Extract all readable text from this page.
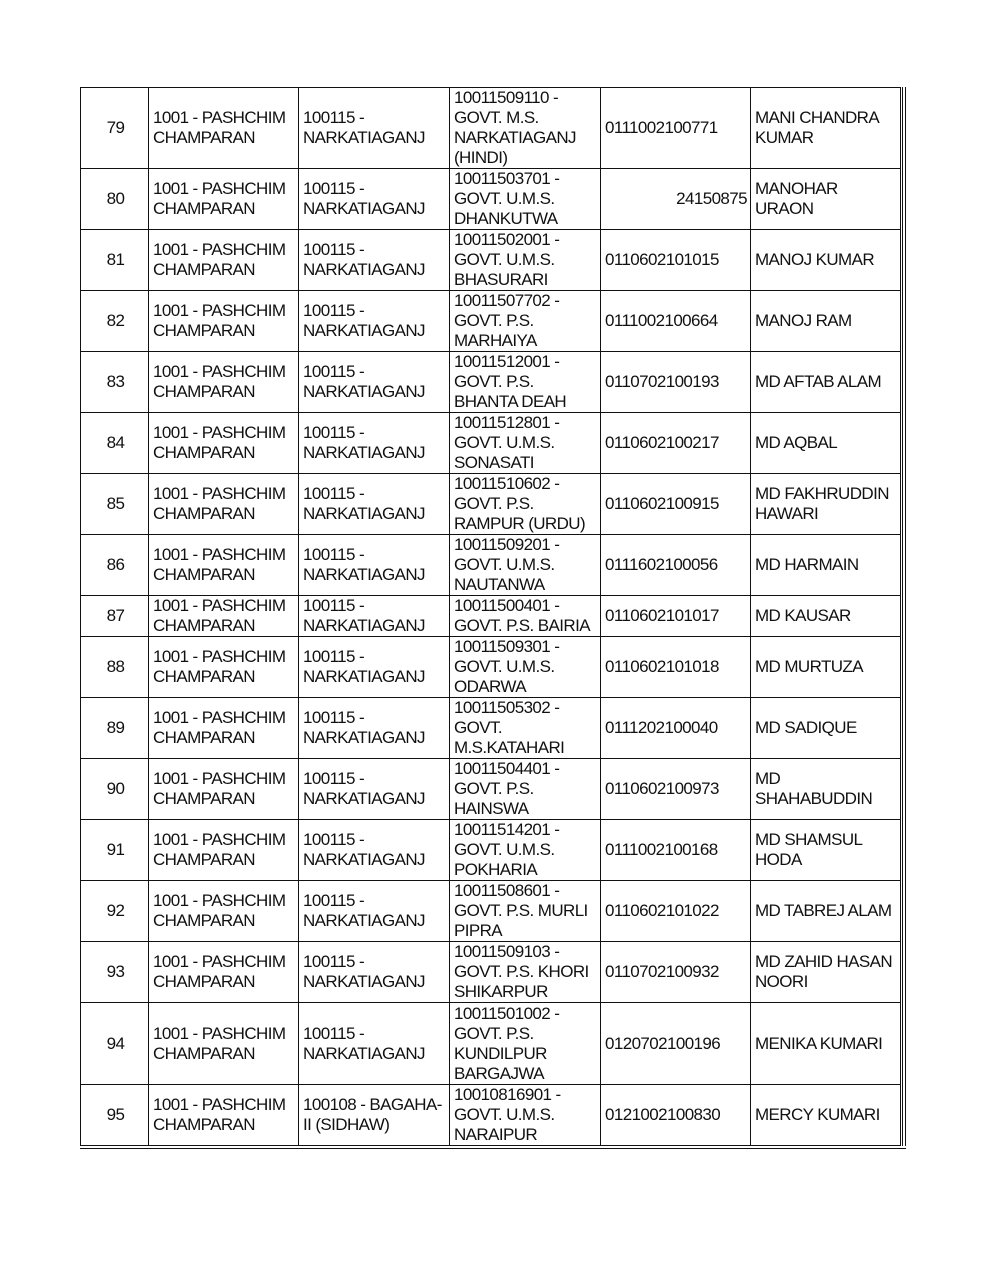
79	1001 - PASHCHIM CHAMPARAN	100115 - NARKATIAGANJ	10011509110 - GOVT. M.S. NARKATIAGANJ (HINDI)	0111002100771	MANI CHANDRA KUMAR
80	1001 - PASHCHIM CHAMPARAN	100115 - NARKATIAGANJ	10011503701 - GOVT. U.M.S. DHANKUTWA	24150875	MANOHAR URAON
81	1001 - PASHCHIM CHAMPARAN	100115 - NARKATIAGANJ	10011502001 - GOVT. U.M.S. BHASURARI	0110602101015	MANOJ KUMAR
82	1001 - PASHCHIM CHAMPARAN	100115 - NARKATIAGANJ	10011507702 - GOVT. P.S. MARHAIYA	0111002100664	MANOJ RAM
83	1001 - PASHCHIM CHAMPARAN	100115 - NARKATIAGANJ	10011512001 - GOVT. P.S. BHANTA DEAH	0110702100193	MD AFTAB ALAM
84	1001 - PASHCHIM CHAMPARAN	100115 - NARKATIAGANJ	10011512801 - GOVT. U.M.S. SONASATI	0110602100217	MD AQBAL
85	1001 - PASHCHIM CHAMPARAN	100115 - NARKATIAGANJ	10011510602 - GOVT. P.S. RAMPUR (URDU)	0110602100915	MD FAKHRUDDIN HAWARI
86	1001 - PASHCHIM CHAMPARAN	100115 - NARKATIAGANJ	10011509201 - GOVT. U.M.S. NAUTANWA	0111602100056	MD HARMAIN
87	1001 - PASHCHIM CHAMPARAN	100115 - NARKATIAGANJ	10011500401 - GOVT. P.S. BAIRIA	0110602101017	MD KAUSAR
88	1001 - PASHCHIM CHAMPARAN	100115 - NARKATIAGANJ	10011509301 - GOVT. U.M.S. ODARWA	0110602101018	MD MURTUZA
89	1001 - PASHCHIM CHAMPARAN	100115 - NARKATIAGANJ	10011505302 - GOVT. M.S.KATAHARI	0111202100040	MD SADIQUE
90	1001 - PASHCHIM CHAMPARAN	100115 - NARKATIAGANJ	10011504401 - GOVT. P.S. HAINSWA	0110602100973	MD SHAHABUDDIN
91	1001 - PASHCHIM CHAMPARAN	100115 - NARKATIAGANJ	10011514201 - GOVT. U.M.S. POKHARIA	0111002100168	MD SHAMSUL HODA
92	1001 - PASHCHIM CHAMPARAN	100115 - NARKATIAGANJ	10011508601 - GOVT. P.S. MURLI PIPRA	0110602101022	MD TABREJ ALAM
93	1001 - PASHCHIM CHAMPARAN	100115 - NARKATIAGANJ	10011509103 - GOVT. P.S. KHORI SHIKARPUR	0110702100932	MD ZAHID HASAN NOORI
94	1001 - PASHCHIM CHAMPARAN	100115 - NARKATIAGANJ	10011501002 - GOVT. P.S. KUNDILPUR BARGAJWA	0120702100196	MENIKA KUMARI
95	1001 - PASHCHIM CHAMPARAN	100108 - BAGAHA-II (SIDHAW)	10010816901 - GOVT. U.M.S. NARAIPUR	0121002100830	MERCY KUMARI
